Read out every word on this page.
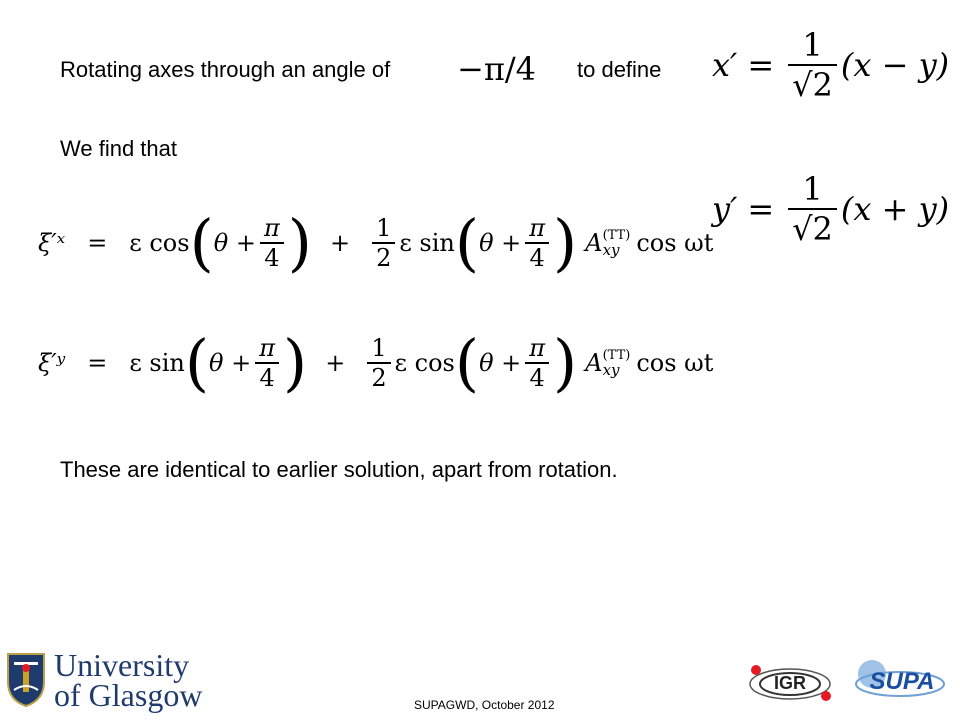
Rotating axes through an angle of −π/4 to define $x' = \frac{1}{√2} (x - y)$
We find that
$y' = \frac{1}{√2} (x + y)$
ξ′ˣ = ε cos ( $\theta + \frac{\pi}{4}$ ) + $\frac{1}{2}$ ε sin ( $\theta + \frac{\pi}{4}$ ) A (TT)
xy cos ωt
ξ′ʸ = ε sin ( $\theta + \frac{\pi}{4}$ ) + $\frac{1}{2}$ ε cos ( $\theta + \frac{\pi}{4}$ ) A (TT)
xy cos ωt
These are identical to earlier solution, apart from rotation.
University
of Glasgow	SUPAGWD, October 2012
IGR	SUPA
